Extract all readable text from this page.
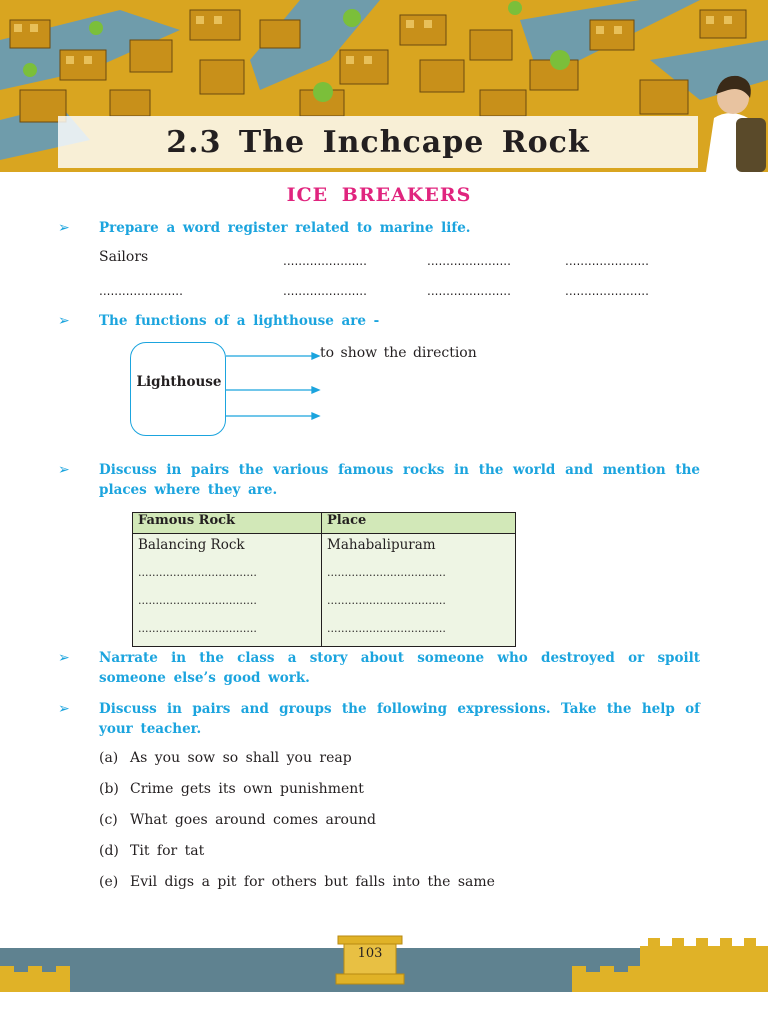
2.3 The Inchcape Rock
ICE BREAKERS
➢ Prepare a word register related to marine life.
Sailors	......................	......................	......................
......................	......................	......................	......................
➢ The functions of a lighthouse are -
Lighthouse
to show the direction
➢ Discuss in pairs the various famous rocks in the world and mention the places where they are.
Famous Rock	Place

Balancing Rock	Mahabalipuram

..................................	..................................

..................................	..................................

..................................	..................................
➢ Narrate in the class a story about someone who destroyed or spoilt someone else’s good work.
➢ Discuss in pairs and groups the following expressions. Take the help of your teacher.
(a) As you sow so shall you reap
(b) Crime gets its own punishment
(c) What goes around comes around
(d) Tit for tat
(e) Evil digs a pit for others but falls into the same
103
